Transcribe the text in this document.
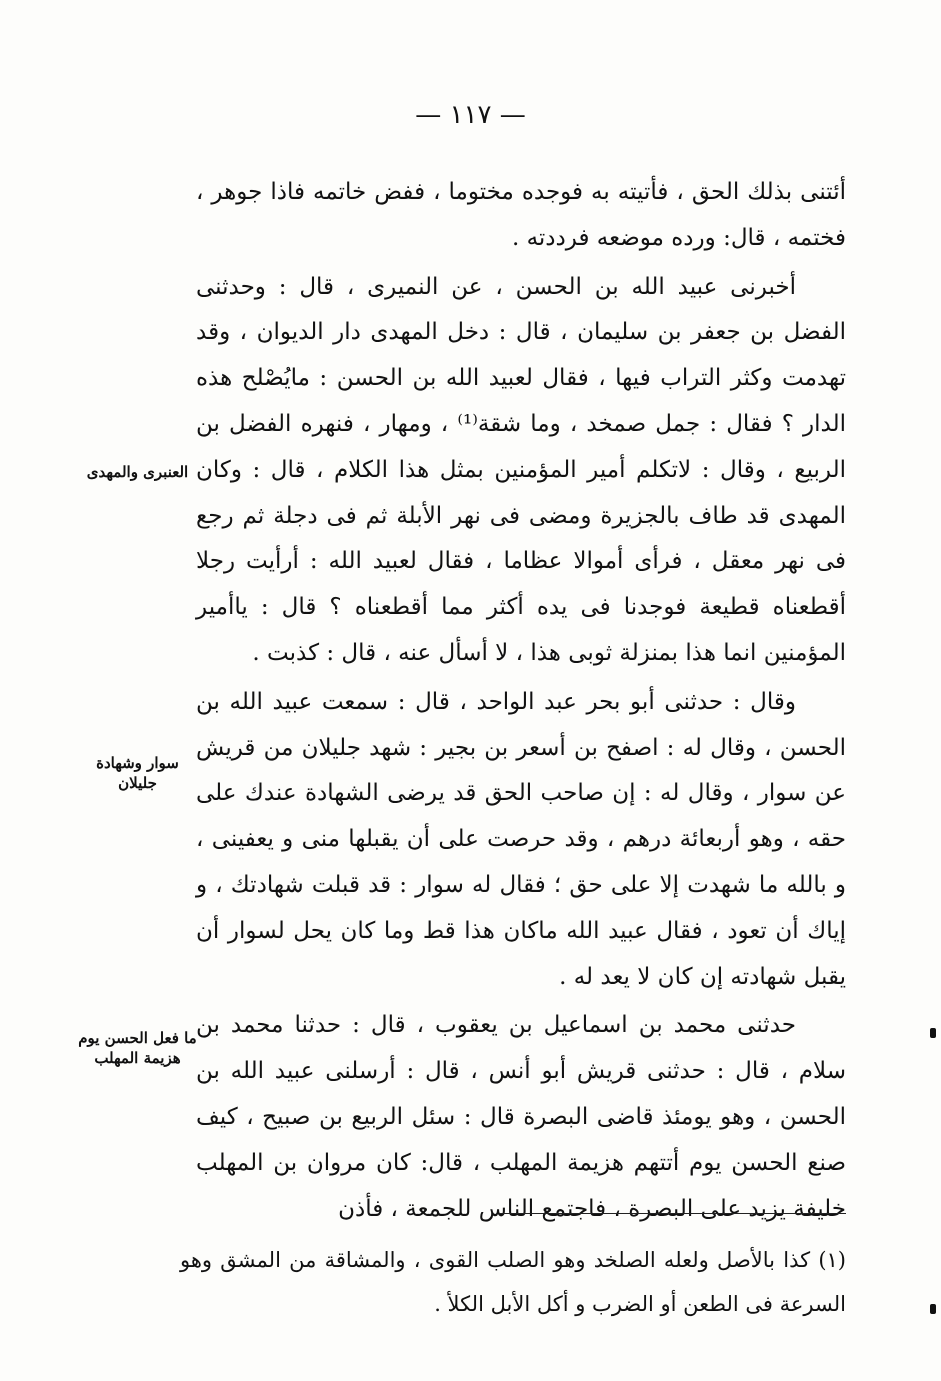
— ١١٧ —

أئتنى بذلك الحق ، فأتيته به فوجده مختوما ، ففض خاتمه فاذا جوهر ، فختمه ، قال: ورده موضعه فرددته .

أخبرنى عبيد الله بن الحسن ، عن النميرى ، قال : وحدثنى الفضل بن جعفر بن سليمان ، قال : دخل المهدى دار الديوان ، وقد تهدمت وكثر التراب فيها ، فقال لعبيد الله بن الحسن : مايُصْلح هذه الدار ؟ فقال : جمل صمخد ، وما شقة⁽¹⁾ ، ومهار ، فنهره الفضل بن الربيع ، وقال : لاتكلم أمير المؤمنين بمثل هذا الكلام ، قال : وكان المهدى قد طاف بالجزيرة ومضى فى نهر الأبلة ثم فى دجلة ثم رجع فى نهر معقل ، فرأى أموالا عظاما ، فقال لعبيد الله : أرأيت رجلا أقطعناه قطيعة فوجدنا فى يده أكثر مما أقطعناه ؟ قال : ياأمير المؤمنين انما هذا بمنزلة ثوبى هذا ، لا أسأل عنه ، قال : كذبت .

وقال : حدثنى أبو بحر عبد الواحد ، قال : سمعت عبيد الله بن الحسن ، وقال له : اصفح بن أسعر بن بجير : شهد جليلان من قريش عن سوار ، وقال له : إن صاحب الحق قد يرضى الشهادة عندك على حقه ، وهو أربعائة درهم ، وقد حرصت على أن يقبلها منى و يعفينى ، و بالله ما شهدت إلا على حق ؛ فقال له سوار : قد قبلت شهادتك ، و إياك أن تعود ، فقال عبيد الله ماكان هذا قط وما كان يحل لسوار أن يقبل شهادته إن كان لا يعد له .

حدثنى محمد بن اسماعيل بن يعقوب ، قال : حدثنا محمد بن سلام ، قال : حدثنى قريش أبو أنس ، قال : أرسلنى عبيد الله بن الحسن ، وهو يومئذ قاضى البصرة قال : سئل الربيع بن صبيح ، كيف صنع الحسن يوم أتتهم هزيمة المهلب ، قال: كان مروان بن المهلب خليفة يزيد على البصرة ، فاجتمع الناس للجمعة ، فأذن

العنبرى والمهدى
سوار وشهادة جليلان
ما فعل الحسن يوم هزيمة المهلب

(١) كذا بالأصل ولعله الصلخد وهو الصلب القوى ، والمشاقة من المشق وهو السرعة فى الطعن أو الضرب و أكل الأبل الكلأ .
